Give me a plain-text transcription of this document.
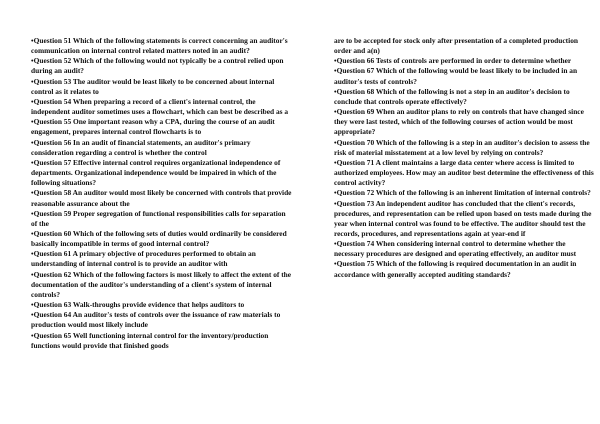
• Question 51 Which of the following statements is correct concerning an auditor's communication on internal control related matters noted in an audit?

• Question 52 Which of the following would not typically be a control relied upon during an audit?

• Question 53 The auditor would be least likely to be concerned about internal control as it relates to

• Question 54 When preparing a record of a client's internal control, the independent auditor sometimes uses a flowchart, which can best be described as a

• Question 55 One important reason why a CPA, during the course of an audit engagement, prepares internal control flowcharts is to

• Question 56 In an audit of financial statements, an auditor's primary consideration regarding a control is whether the control

• Question 57 Effective internal control requires organizational independence of departments. Organizational independence would be impaired in which of the following situations?

• Question 58 An auditor would most likely be concerned with controls that provide reasonable assurance about the

• Question 59 Proper segregation of functional responsibilities calls for separation of the

• Question 60 Which of the following sets of duties would ordinarily be considered basically incompatible in terms of good internal control?

• Question 61 A primary objective of procedures performed to obtain an understanding of internal control is to provide an auditor with

• Question 62 Which of the following factors is most likely to affect the extent of the documentation of the auditor's understanding of a client's system of internal controls?

• Question 63 Walk-throughs provide evidence that helps auditors to

• Question 64 An auditor's tests of controls over the issuance of raw materials to production would most likely include

• Question 65 Well functioning internal control for the inventory/production functions would provide that finished goods

are to be accepted for stock only after presentation of a completed production order and a(n)

• Question 66 Tests of controls are performed in order to determine whether

• Question 67 Which of the following would be least likely to be included in an auditor's tests of controls?

• Question 68 Which of the following is not a step in an auditor's decision to conclude that controls operate effectively?

• Question 69 When an auditor plans to rely on controls that have changed since they were last tested, which of the following courses of action would be most appropriate?

• Question 70 Which of the following is a step in an auditor's decision to assess the risk of material misstatement at a low level by relying on controls?

• Question 71 A client maintains a large data center where access is limited to authorized employees. How may an auditor best determine the effectiveness of this control activity?

• Question 72 Which of the following is an inherent limitation of internal controls?

• Question 73 An independent auditor has concluded that the client's records, procedures, and representation can be relied upon based on tests made during the year when internal control was found to be effective. The auditor should test the records, procedures, and representations again at year-end if

• Question 74 When considering internal control to determine whether the necessary procedures are designed and operating effectively, an auditor must

• Question 75 Which of the following is required documentation in an audit in accordance with generally accepted auditing standards?
